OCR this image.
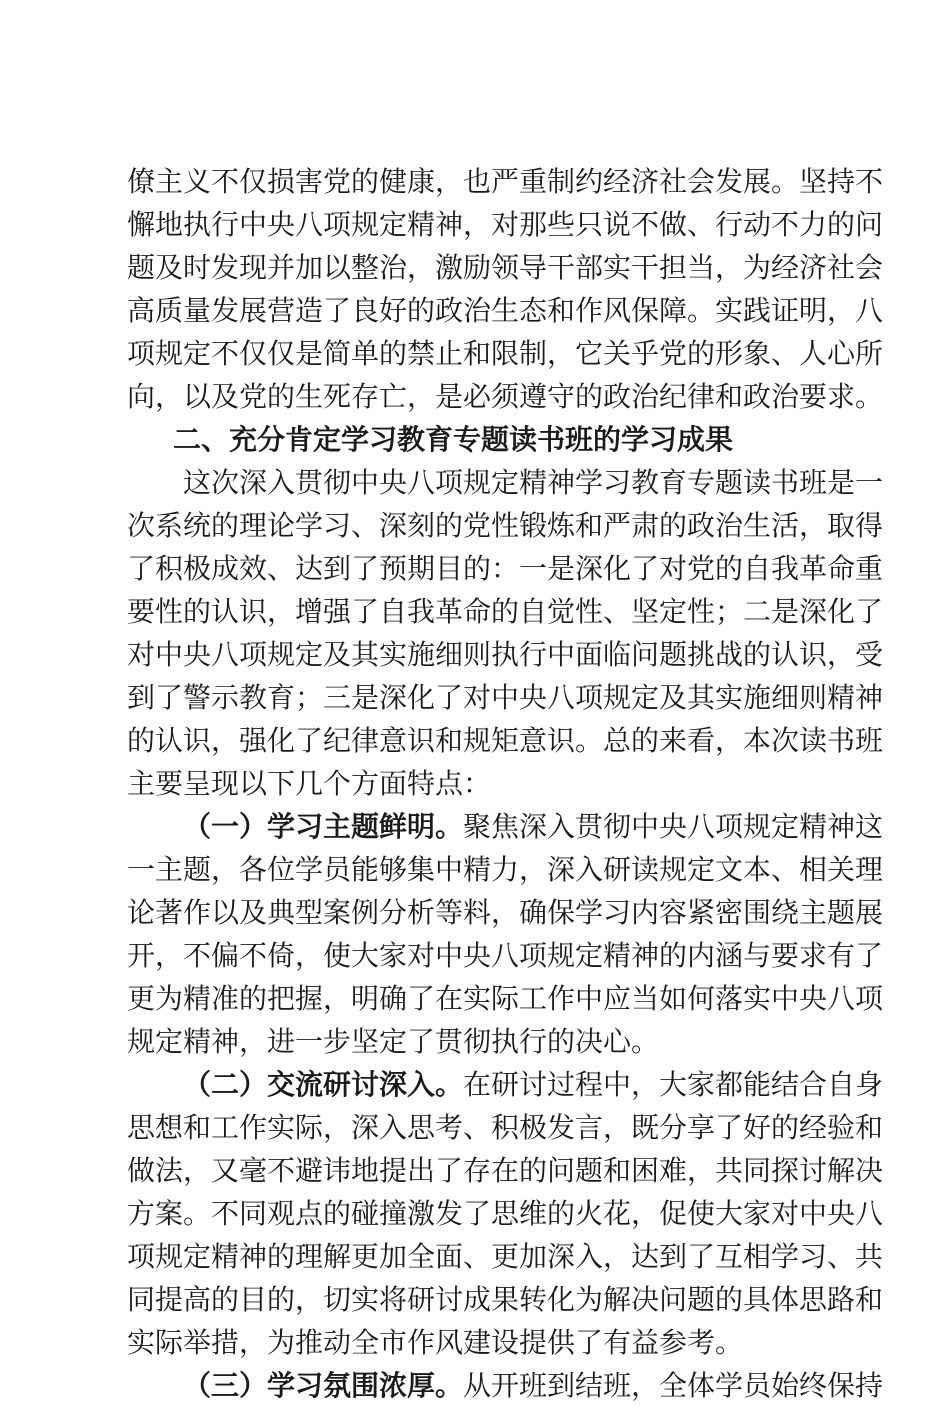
僚主义不仅损害党的健康，也严重制约经济社会发展。坚持不
懈地执行中央八项规定精神，对那些只说不做、行动不力的问
题及时发现并加以整治，激励领导干部实干担当，为经济社会
高质量发展营造了良好的政治生态和作风保障。实践证明，八
项规定不仅仅是简单的禁止和限制，它关乎党的形象、人心所
向，以及党的生死存亡，是必须遵守的政治纪律和政治要求。
二、充分肯定学习教育专题读书班的学习成果
这次深入贯彻中央八项规定精神学习教育专题读书班是一
次系统的理论学习、深刻的党性锻炼和严肃的政治生活，取得
了积极成效、达到了预期目的：一是深化了对党的自我革命重
要性的认识，增强了自我革命的自觉性、坚定性；二是深化了
对中央八项规定及其实施细则执行中面临问题挑战的认识，受
到了警示教育；三是深化了对中央八项规定及其实施细则精神
的认识，强化了纪律意识和规矩意识。总的来看，本次读书班
主要呈现以下几个方面特点：
（一）学习主题鲜明。聚焦深入贯彻中央八项规定精神这
一主题，各位学员能够集中精力，深入研读规定文本、相关理
论著作以及典型案例分析等料，确保学习内容紧密围绕主题展
开，不偏不倚，使大家对中央八项规定精神的内涵与要求有了
更为精准的把握，明确了在实际工作中应当如何落实中央八项
规定精神，进一步坚定了贯彻执行的决心。
（二）交流研讨深入。在研讨过程中，大家都能结合自身
思想和工作实际，深入思考、积极发言，既分享了好的经验和
做法，又毫不避讳地提出了存在的问题和困难，共同探讨解决
方案。不同观点的碰撞激发了思维的火花，促使大家对中央八
项规定精神的理解更加全面、更加深入，达到了互相学习、共
同提高的目的，切实将研讨成果转化为解决问题的具体思路和
实际举措，为推动全市作风建设提供了有益参考。
（三）学习氛围浓厚。从开班到结班，全体学员始终保持
